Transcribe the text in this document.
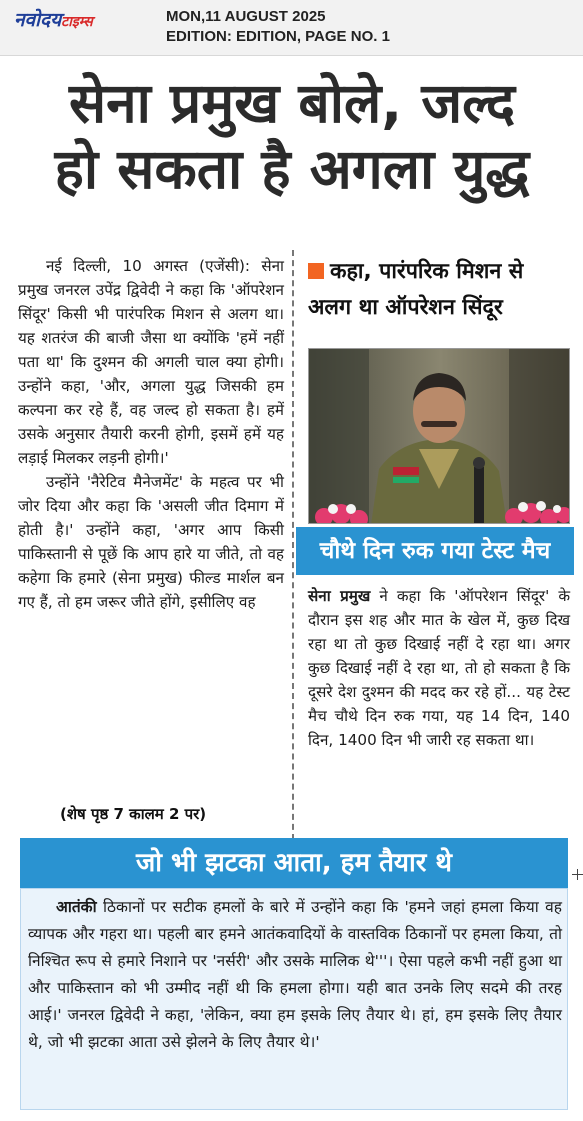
नवोदयटाइम्स	MON,11 AUGUST 2025
EDITION: EDITION, PAGE NO. 1
सेना प्रमुख बोले, जल्द
हो सकता है अगला युद्ध

नई दिल्ली, 10 अगस्त (एजेंसी): सेना प्रमुख जनरल उपेंद्र द्विवेदी ने कहा कि 'ऑपरेशन सिंदूर' किसी भी पारंपरिक मिशन से अलग था। यह शतरंज की बाजी जैसा था क्योंकि 'हमें नहीं पता था' कि दुश्मन की अगली चाल क्या होगी। उन्होंने कहा, 'और, अगला युद्ध जिसकी हम कल्पना कर रहे हैं, वह जल्द हो सकता है। हमें उसके अनुसार तैयारी करनी होगी, इसमें हमें यह लड़ाई मिलकर लड़नी होगी।'

उन्होंने 'नैरेटिव मैनेजमेंट' के महत्व पर भी जोर दिया और कहा कि 'असली जीत दिमाग में होती है।' उन्होंने कहा, 'अगर आप किसी पाकिस्तानी से पूछें कि आप हारे या जीते, तो वह कहेगा कि हमारे (सेना प्रमुख) फील्ड मार्शल बन गए हैं, तो हम जरूर जीते होंगे, इसीलिए वह

(शेष पृष्ठ 7 कालम 2 पर)
कहा, पारंपरिक मिशन से अलग था ऑपरेशन सिंदूर
चौथे दिन रुक गया टेस्ट मैच
सेना प्रमुख ने कहा कि 'ऑपरेशन सिंदूर' के दौरान इस शह और मात के खेल में, कुछ दिख रहा था तो कुछ दिखाई नहीं दे रहा था। अगर कुछ दिखाई नहीं दे रहा था, तो हो सकता है कि दूसरे देश दुश्मन की मदद कर रहे हों... यह टेस्ट मैच चौथे दिन रुक गया, यह 14 दिन, 140 दिन, 1400 दिन भी जारी रह सकता था।
जो भी झटका आता, हम तैयार थे

आतंकी ठिकानों पर सटीक हमलों के बारे में उन्होंने कहा कि 'हमने जहां हमला किया वह व्यापक और गहरा था। पहली बार हमने आतंकवादियों के वास्तविक ठिकानों पर हमला किया, तो निश्चित रूप से हमारे निशाने पर 'नर्सरी' और उसके मालिक थे'''। ऐसा पहले कभी नहीं हुआ था और पाकिस्तान को भी उम्मीद नहीं थी कि हमला होगा। यही बात उनके लिए सदमे की तरह आई।' जनरल द्विवेदी ने कहा, 'लेकिन, क्या हम इसके लिए तैयार थे। हां, हम इसके लिए तैयार थे, जो भी झटका आता उसे झेलने के लिए तैयार थे।'
